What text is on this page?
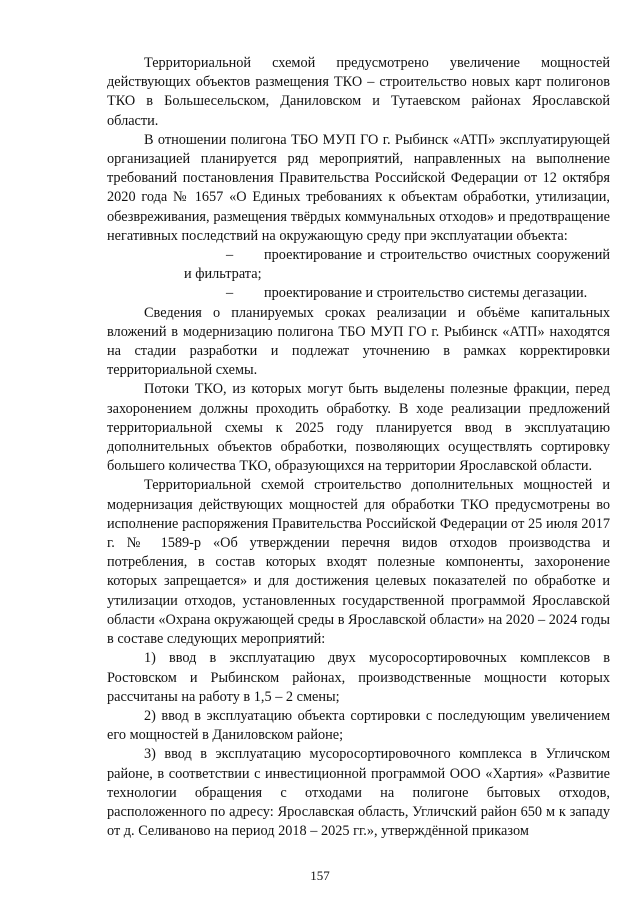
Территориальной схемой предусмотрено увеличение мощностей действующих объектов размещения ТКО – строительство новых карт полигонов ТКО в Большесельском, Даниловском и Тутаевском районах Ярославской области.

В отношении полигона ТБО МУП ГО г. Рыбинск «АТП» эксплуатирующей организацией планируется ряд мероприятий, направленных на выполнение требований постановления Правительства Российской Федерации от 12 октября 2020 года № 1657 «О Единых требованиях к объектам обработки, утилизации, обезвреживания, размещения твёрдых коммунальных отходов» и предотвращение негативных последствий на окружающую среду при эксплуатации объекта:

– проектирование и строительство очистных сооружений и фильтрата;

– проектирование и строительство системы дегазации.

Сведения о планируемых сроках реализации и объёме капитальных вложений в модернизацию полигона ТБО МУП ГО г. Рыбинск «АТП» находятся на стадии разработки и подлежат уточнению в рамках корректировки территориальной схемы.

Потоки ТКО, из которых могут быть выделены полезные фракции, перед захоронением должны проходить обработку. В ходе реализации предложений территориальной схемы к 2025 году планируется ввод в эксплуатацию дополнительных объектов обработки, позволяющих осуществлять сортировку большего количества ТКО, образующихся на территории Ярославской области.

Территориальной схемой строительство дополнительных мощностей и модернизация действующих мощностей для обработки ТКО предусмотрены во исполнение распоряжения Правительства Российской Федерации от 25 июля 2017 г. № 1589-р «Об утверждении перечня видов отходов производства и потребления, в состав которых входят полезные компоненты, захоронение которых запрещается» и для достижения целевых показателей по обработке и утилизации отходов, установленных государственной программой Ярославской области «Охрана окружающей среды в Ярославской области» на 2020 – 2024 годы в составе следующих мероприятий:

1) ввод в эксплуатацию двух мусоросортировочных комплексов в Ростовском и Рыбинском районах, производственные мощности которых рассчитаны на работу в 1,5 – 2 смены;

2) ввод в эксплуатацию объекта сортировки с последующим увеличением его мощностей в Даниловском районе;

3) ввод в эксплуатацию мусоросортировочного комплекса в Угличском районе, в соответствии с инвестиционной программой ООО «Хартия» «Развитие технологии обращения с отходами на полигоне бытовых отходов, расположенного по адресу: Ярославская область, Угличский район 650 м к западу от д. Селиваново на период 2018 – 2025 гг.», утверждённой приказом

157
